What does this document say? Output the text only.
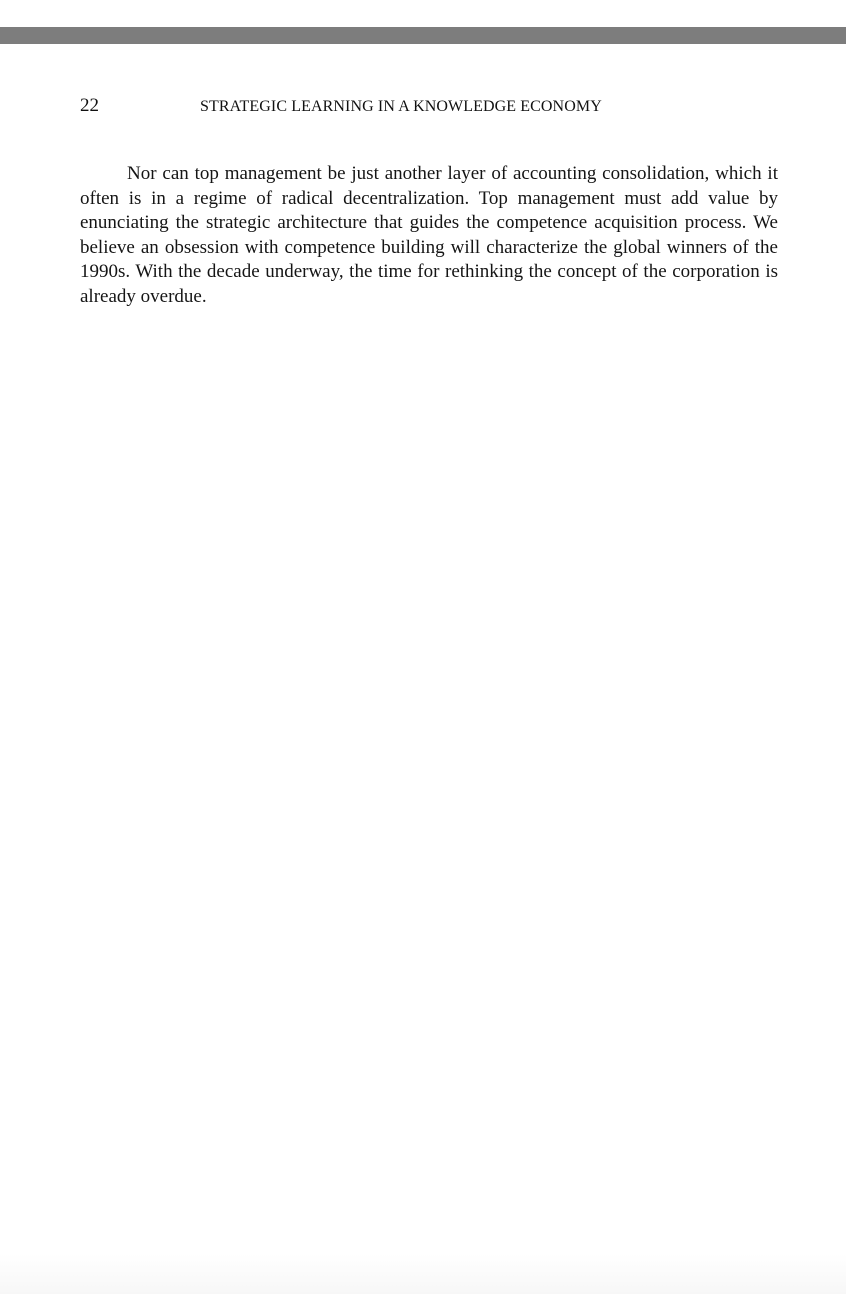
22	STRATEGIC LEARNING IN A KNOWLEDGE ECONOMY

Nor can top management be just another layer of accounting consolidation, which it often is in a regime of radical decentralization. Top management must add value by enunciating the strategic architecture that guides the competence acquisition process. We believe an obsession with competence building will characterize the global winners of the 1990s. With the decade underway, the time for rethinking the concept of the corporation is already overdue.
